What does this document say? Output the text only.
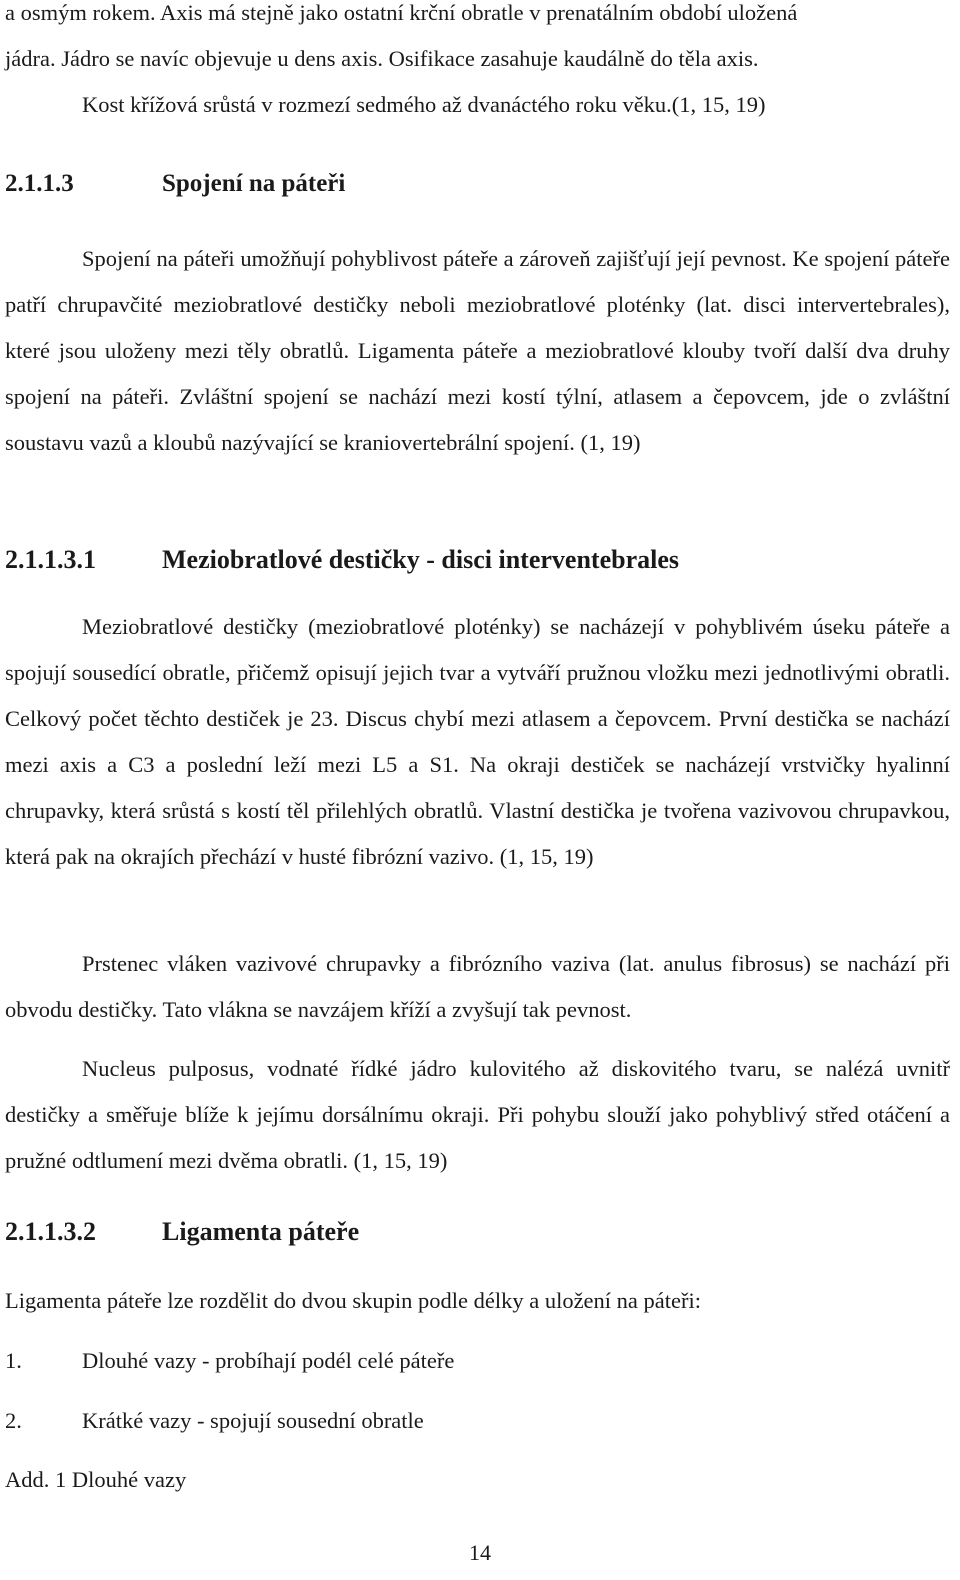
a osmým rokem. Axis má stejně jako ostatní krční obratle v prenatálním období uložená
jádra. Jádro se navíc objevuje u dens axis. Osifikace zasahuje kaudálně do těla axis.
Kost křížová srůstá v rozmezí sedmého až dvanáctého roku věku.(1, 15, 19)
2.1.1.3	Spojení na páteři

Spojení na páteři umožňují pohyblivost páteře a zároveň zajišťují její pevnost. Ke spojení páteře patří chrupavčité meziobratlové destičky neboli meziobratlové ploténky (lat. disci intervertebrales), které jsou uloženy mezi těly obratlů. Ligamenta páteře a meziobratlové klouby tvoří další dva druhy spojení na páteři. Zvláštní spojení se nachází mezi kostí týlní, atlasem a čepovcem, jde o zvláštní soustavu vazů a kloubů nazývající se kraniovertebrální spojení. (1, 19)

2.1.1.3.1	Meziobratlové destičky - disci interventebrales

Meziobratlové destičky (meziobratlové ploténky) se nacházejí v pohyblivém úseku páteře a spojují sousedící obratle, přičemž opisují jejich tvar a vytváří pružnou vložku mezi jednotlivými obratli. Celkový počet těchto destiček je 23. Discus chybí mezi atlasem a čepovcem. První destička se nachází mezi axis a C3 a poslední leží mezi L5 a S1. Na okraji destiček se nacházejí vrstvičky hyalinní chrupavky, která srůstá s kostí těl přilehlých obratlů. Vlastní destička je tvořena vazivovou chrupavkou, která pak na okrajích přechází v husté fibrózní vazivo. (1, 15, 19)

Prstenec vláken vazivové chrupavky a fibrózního vaziva (lat. anulus fibrosus) se nachází při obvodu destičky. Tato vlákna se navzájem kříží a zvyšují tak pevnost.

Nucleus pulposus, vodnaté řídké jádro kulovitého až diskovitého tvaru, se nalézá uvnitř destičky a směřuje blíže k jejímu dorsálnímu okraji. Při pohybu slouží jako pohyblivý střed otáčení a pružné odtlumení mezi dvěma obratli. (1, 15, 19)

2.1.1.3.2	Ligamenta páteře

Ligamenta páteře lze rozdělit do dvou skupin podle délky a uložení na páteři:

1.	Dlouhé vazy - probíhají podél celé páteře
2.	Krátké vazy - spojují sousední obratle

Add. 1 Dlouhé vazy

14
